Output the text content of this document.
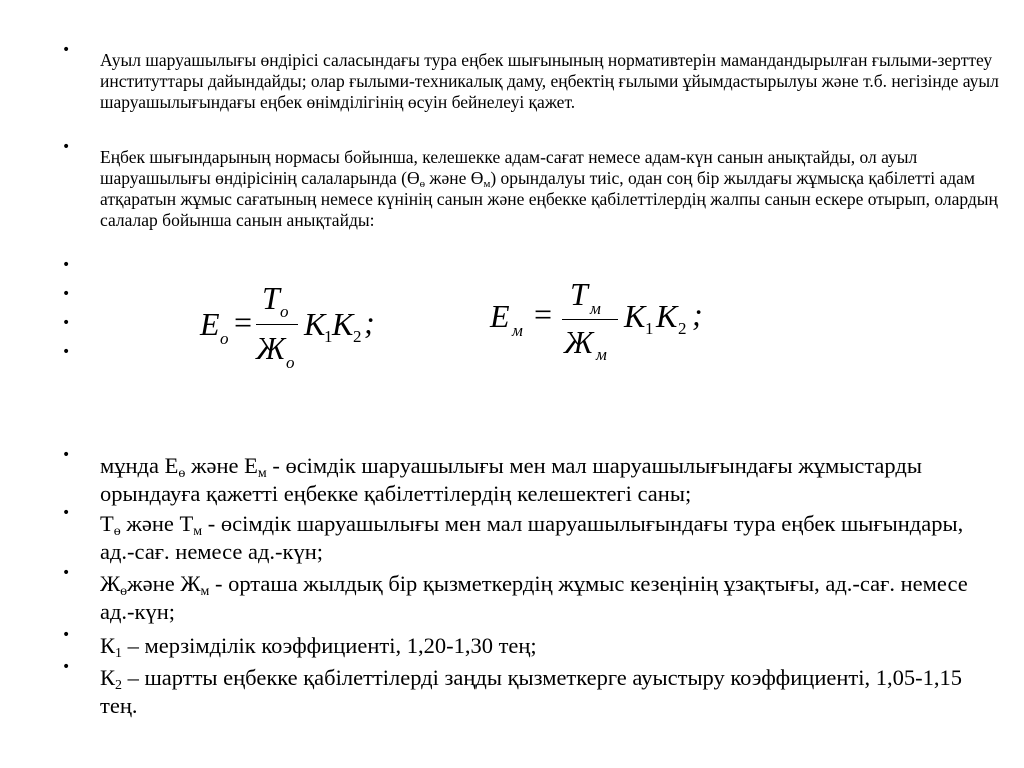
•
•
•
•
•
•
•
•
•
•
•

Ауыл шаруашылығы өндірісі саласындағы тура еңбек шығынының нормативтерін мамандандырылған ғылыми-зерттеу институттары дайындайды; олар ғылыми-техникалық даму, еңбектің ғылыми ұйымдастырылуы және т.б. негізінде ауыл шаруашылығындағы еңбек өнімділігінің өсуін бейнелеуі қажет.

Еңбек шығындарының нормасы бойынша, келешекке адам-сағат немесе адам-күн санын анықтайды, ол ауыл шаруашылығы өндірісінің салаларында ($Ө_ө$ және $Ө_м$) орындалуы тиіс, одан соң бір жылдағы жұмысқа қабілетті адам атқаратын жұмыс сағатының немесе күнінің санын және еңбекке қабілеттілердің жалпы санын ескере отырып, олардың салалар бойынша санын анықтайды:

Е о =
Т о
Ж о
К
1 К 2 ;	Е м =
Т м
Ж м
К 1 К 2 ;

мұнда $Е_ө$ және $Е_м$ - өсімдік шаруашылығы мен мал шаруашылығындағы жұмыстарды орындауға қажетті еңбекке қабілеттілердің келешектегі саны;

$Т_ө$ және $Т_м$ - өсімдік шаруашылығы мен мал шаруашылығындағы тура еңбек шығындары, ад.-сағ. немесе ад.-күн;

$Ж_өжәне$ $Ж_м$ - орташа жылдық бір қызметкердің жұмыс кезеңінің ұзақтығы, ад.-сағ. немесе ад.-күн;

$К_1$ – мерзімділік коэффициенті, 1,20-1,30 тең;

$К_2$ – шартты еңбекке қабілеттілерді заңды қызметкерге ауыстыру коэффициенті, 1,05-1,15 тең.
